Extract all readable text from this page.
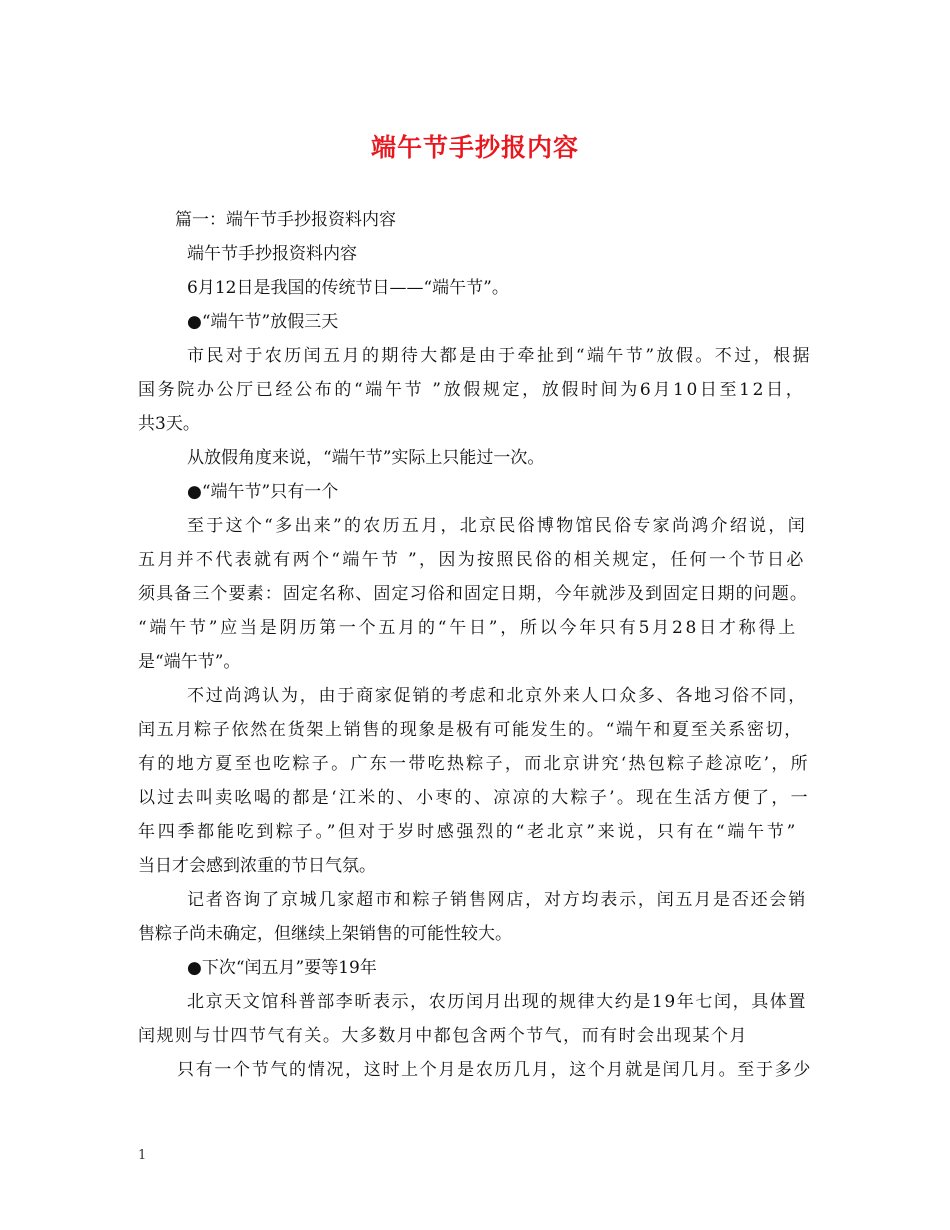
端午节手抄报内容
篇一：端午节手抄报资料内容
端午节手抄报资料内容
6月12日是我国的传统节日——“端午节”。
●“端午节”放假三天
市民对于农历闰五月的期待大都是由于牵扯到“端午节”放假。不过，根据
国务院办公厅已经公布的“端午节 ”放假规定，放假时间为6月10日至12日，
共3天。
从放假角度来说，“端午节”实际上只能过一次。
●“端午节”只有一个
至于这个“多出来”的农历五月，北京民俗博物馆民俗专家尚鸿介绍说，闰
五月并不代表就有两个“端午节 ”，因为按照民俗的相关规定，任何一个节日必
须具备三个要素：固定名称、固定习俗和固定日期，今年就涉及到固定日期的问题。
“端午节”应当是阴历第一个五月的“午日”，所以今年只有5月28日才称得上
是“端午节”。
不过尚鸿认为，由于商家促销的考虑和北京外来人口众多、各地习俗不同，
闰五月粽子依然在货架上销售的现象是极有可能发生的。“端午和夏至关系密切，
有的地方夏至也吃粽子。广东一带吃热粽子，而北京讲究‘热包粽子趁凉吃’，所
以过去叫卖吆喝的都是‘江米的、小枣的、凉凉的大粽子’。现在生活方便了，一
年四季都能吃到粽子。”但对于岁时感强烈的“老北京”来说，只有在“端午节”
当日才会感到浓重的节日气氛。
记者咨询了京城几家超市和粽子销售网店，对方均表示，闰五月是否还会销
售粽子尚未确定，但继续上架销售的可能性较大。
●下次“闰五月”要等19年
北京天文馆科普部李昕表示，农历闰月出现的规律大约是19年七闰，具体置
闰规则与廿四节气有关。大多数月中都包含两个节气，而有时会出现某个月
只有一个节气的情况，这时上个月是农历几月，这个月就是闰几月。至于多少
1
